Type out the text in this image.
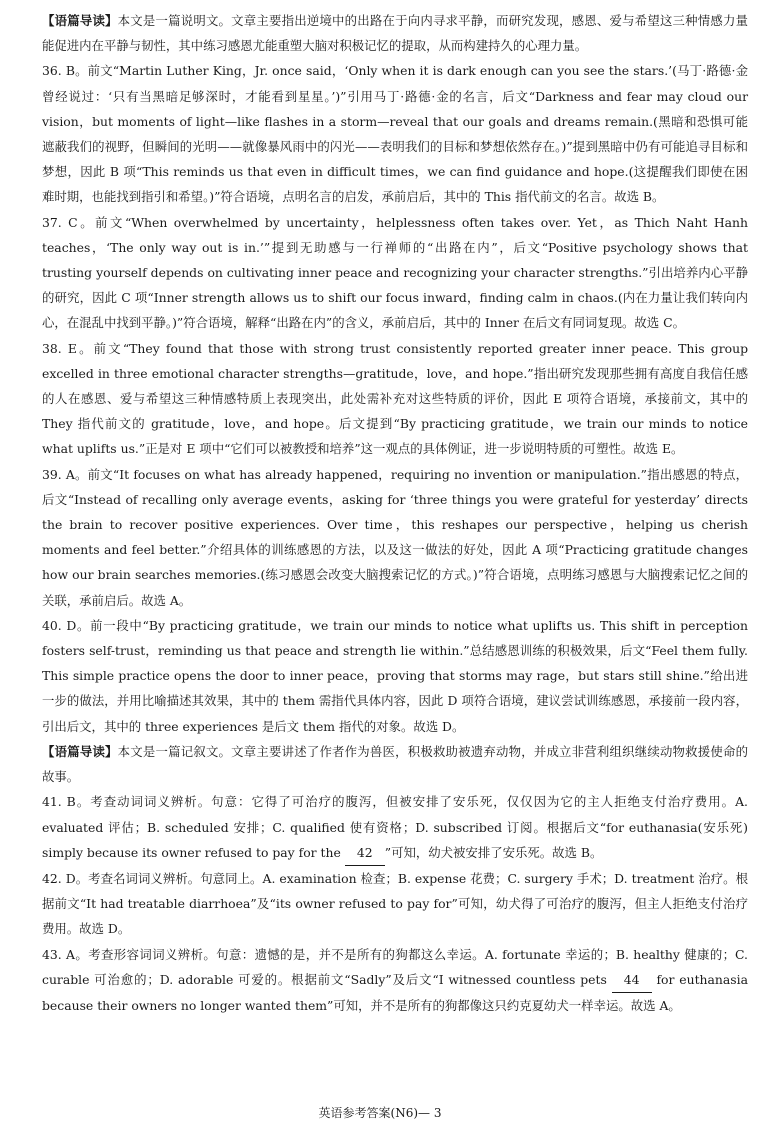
【语篇导读】本文是一篇说明文。文章主要指出逆境中的出路在于向内寻求平静，而研究发现，感恩、爱与希望这三种情感力量能促进内在平静与韧性，其中练习感恩尤能重塑大脑对积极记忆的提取，从而构建持久的心理力量。

36. B。前文“Martin Luther King，Jr. once said，‘Only when it is dark enough can you see the stars.’(马丁·路德·金曾经说过：‘只有当黑暗足够深时，才能看到星星。’)”引用马丁·路德·金的名言，后文“Darkness and fear may cloud our vision，but moments of light—like flashes in a storm—reveal that our goals and dreams remain.(黑暗和恐惧可能遮蔽我们的视野，但瞬间的光明——就像暴风雨中的闪光——表明我们的目标和梦想依然存在。)”提到黑暗中仍有可能追寻目标和梦想，因此 B 项“This reminds us that even in difficult times，we can find guidance and hope.(这提醒我们即使在困难时期，也能找到指引和希望。)”符合语境，点明名言的启发，承前启后，其中的 This 指代前文的名言。故选 B。

37. C。前文“When overwhelmed by uncertainty，helplessness often takes over. Yet，as Thich Naht Hanh teaches，‘The only way out is in.’”提到无助感与一行禅师的“出路在内”，后文“Positive psychology shows that trusting yourself depends on cultivating inner peace and recognizing your character strengths.”引出培养内心平静的研究，因此 C 项“Inner strength allows us to shift our focus inward，finding calm in chaos.(内在力量让我们转向内心，在混乱中找到平静。)”符合语境，解释“出路在内”的含义，承前启后，其中的 Inner 在后文有同词复现。故选 C。

38. E。前文“They found that those with strong trust consistently reported greater inner peace. This group excelled in three emotional character strengths—gratitude，love，and hope.”指出研究发现那些拥有高度自我信任感的人在感恩、爱与希望这三种情感特质上表现突出，此处需补充对这些特质的评价，因此 E 项符合语境，承接前文，其中的 They 指代前文的 gratitude，love，and hope。后文提到“By practicing gratitude，we train our minds to notice what uplifts us.”正是对 E 项中“它们可以被教授和培养”这一观点的具体例证，进一步说明特质的可塑性。故选 E。

39. A。前文“It focuses on what has already happened，requiring no invention or manipulation.”指出感恩的特点，后文“Instead of recalling only average events，asking for ‘three things you were grateful for yesterday’ directs the brain to recover positive experiences. Over time，this reshapes our perspective，helping us cherish moments and feel better.”介绍具体的训练感恩的方法，以及这一做法的好处，因此 A 项“Practicing gratitude changes how our brain searches memories.(练习感恩会改变大脑搜索记忆的方式。)”符合语境，点明练习感恩与大脑搜索记忆之间的关联，承前启后。故选 A。

40. D。前一段中“By practicing gratitude，we train our minds to notice what uplifts us. This shift in perception fosters self-trust，reminding us that peace and strength lie within.”总结感恩训练的积极效果，后文“Feel them fully. This simple practice opens the door to inner peace，proving that storms may rage，but stars still shine.”给出进一步的做法，并用比喻描述其效果，其中的 them 需指代具体内容，因此 D 项符合语境，建议尝试训练感恩，承接前一段内容，引出后文，其中的 three experiences 是后文 them 指代的对象。故选 D。

【语篇导读】本文是一篇记叙文。文章主要讲述了作者作为兽医，积极救助被遗弃动物，并成立非营利组织继续动物救援使命的故事。

41. B。考查动词词义辨析。句意：它得了可治疗的腹泻，但被安排了安乐死，仅仅因为它的主人拒绝支付治疗费用。A. evaluated 评估；B. scheduled 安排；C. qualified 使有资格；D. subscribed 订阅。根据后文“for euthanasia(安乐死) simply because its owner refused to pay for the 42 ”可知，幼犬被安排了安乐死。故选 B。

42. D。考查名词词义辨析。句意同上。A. examination 检查；B. expense 花费；C. surgery 手术；D. treatment 治疗。根据前文“It had treatable diarrhoea”及“its owner refused to pay for”可知，幼犬得了可治疗的腹泻，但主人拒绝支付治疗费用。故选 D。

43. A。考查形容词词义辨析。句意：遗憾的是，并不是所有的狗都这么幸运。A. fortunate 幸运的；B. healthy 健康的；C. curable 可治愈的；D. adorable 可爱的。根据前文“Sadly”及后文“I witnessed countless pets 44 for euthanasia because their owners no longer wanted them”可知，并不是所有的狗都像这只约克夏幼犬一样幸运。故选 A。

英语参考答案(N6)— 3
